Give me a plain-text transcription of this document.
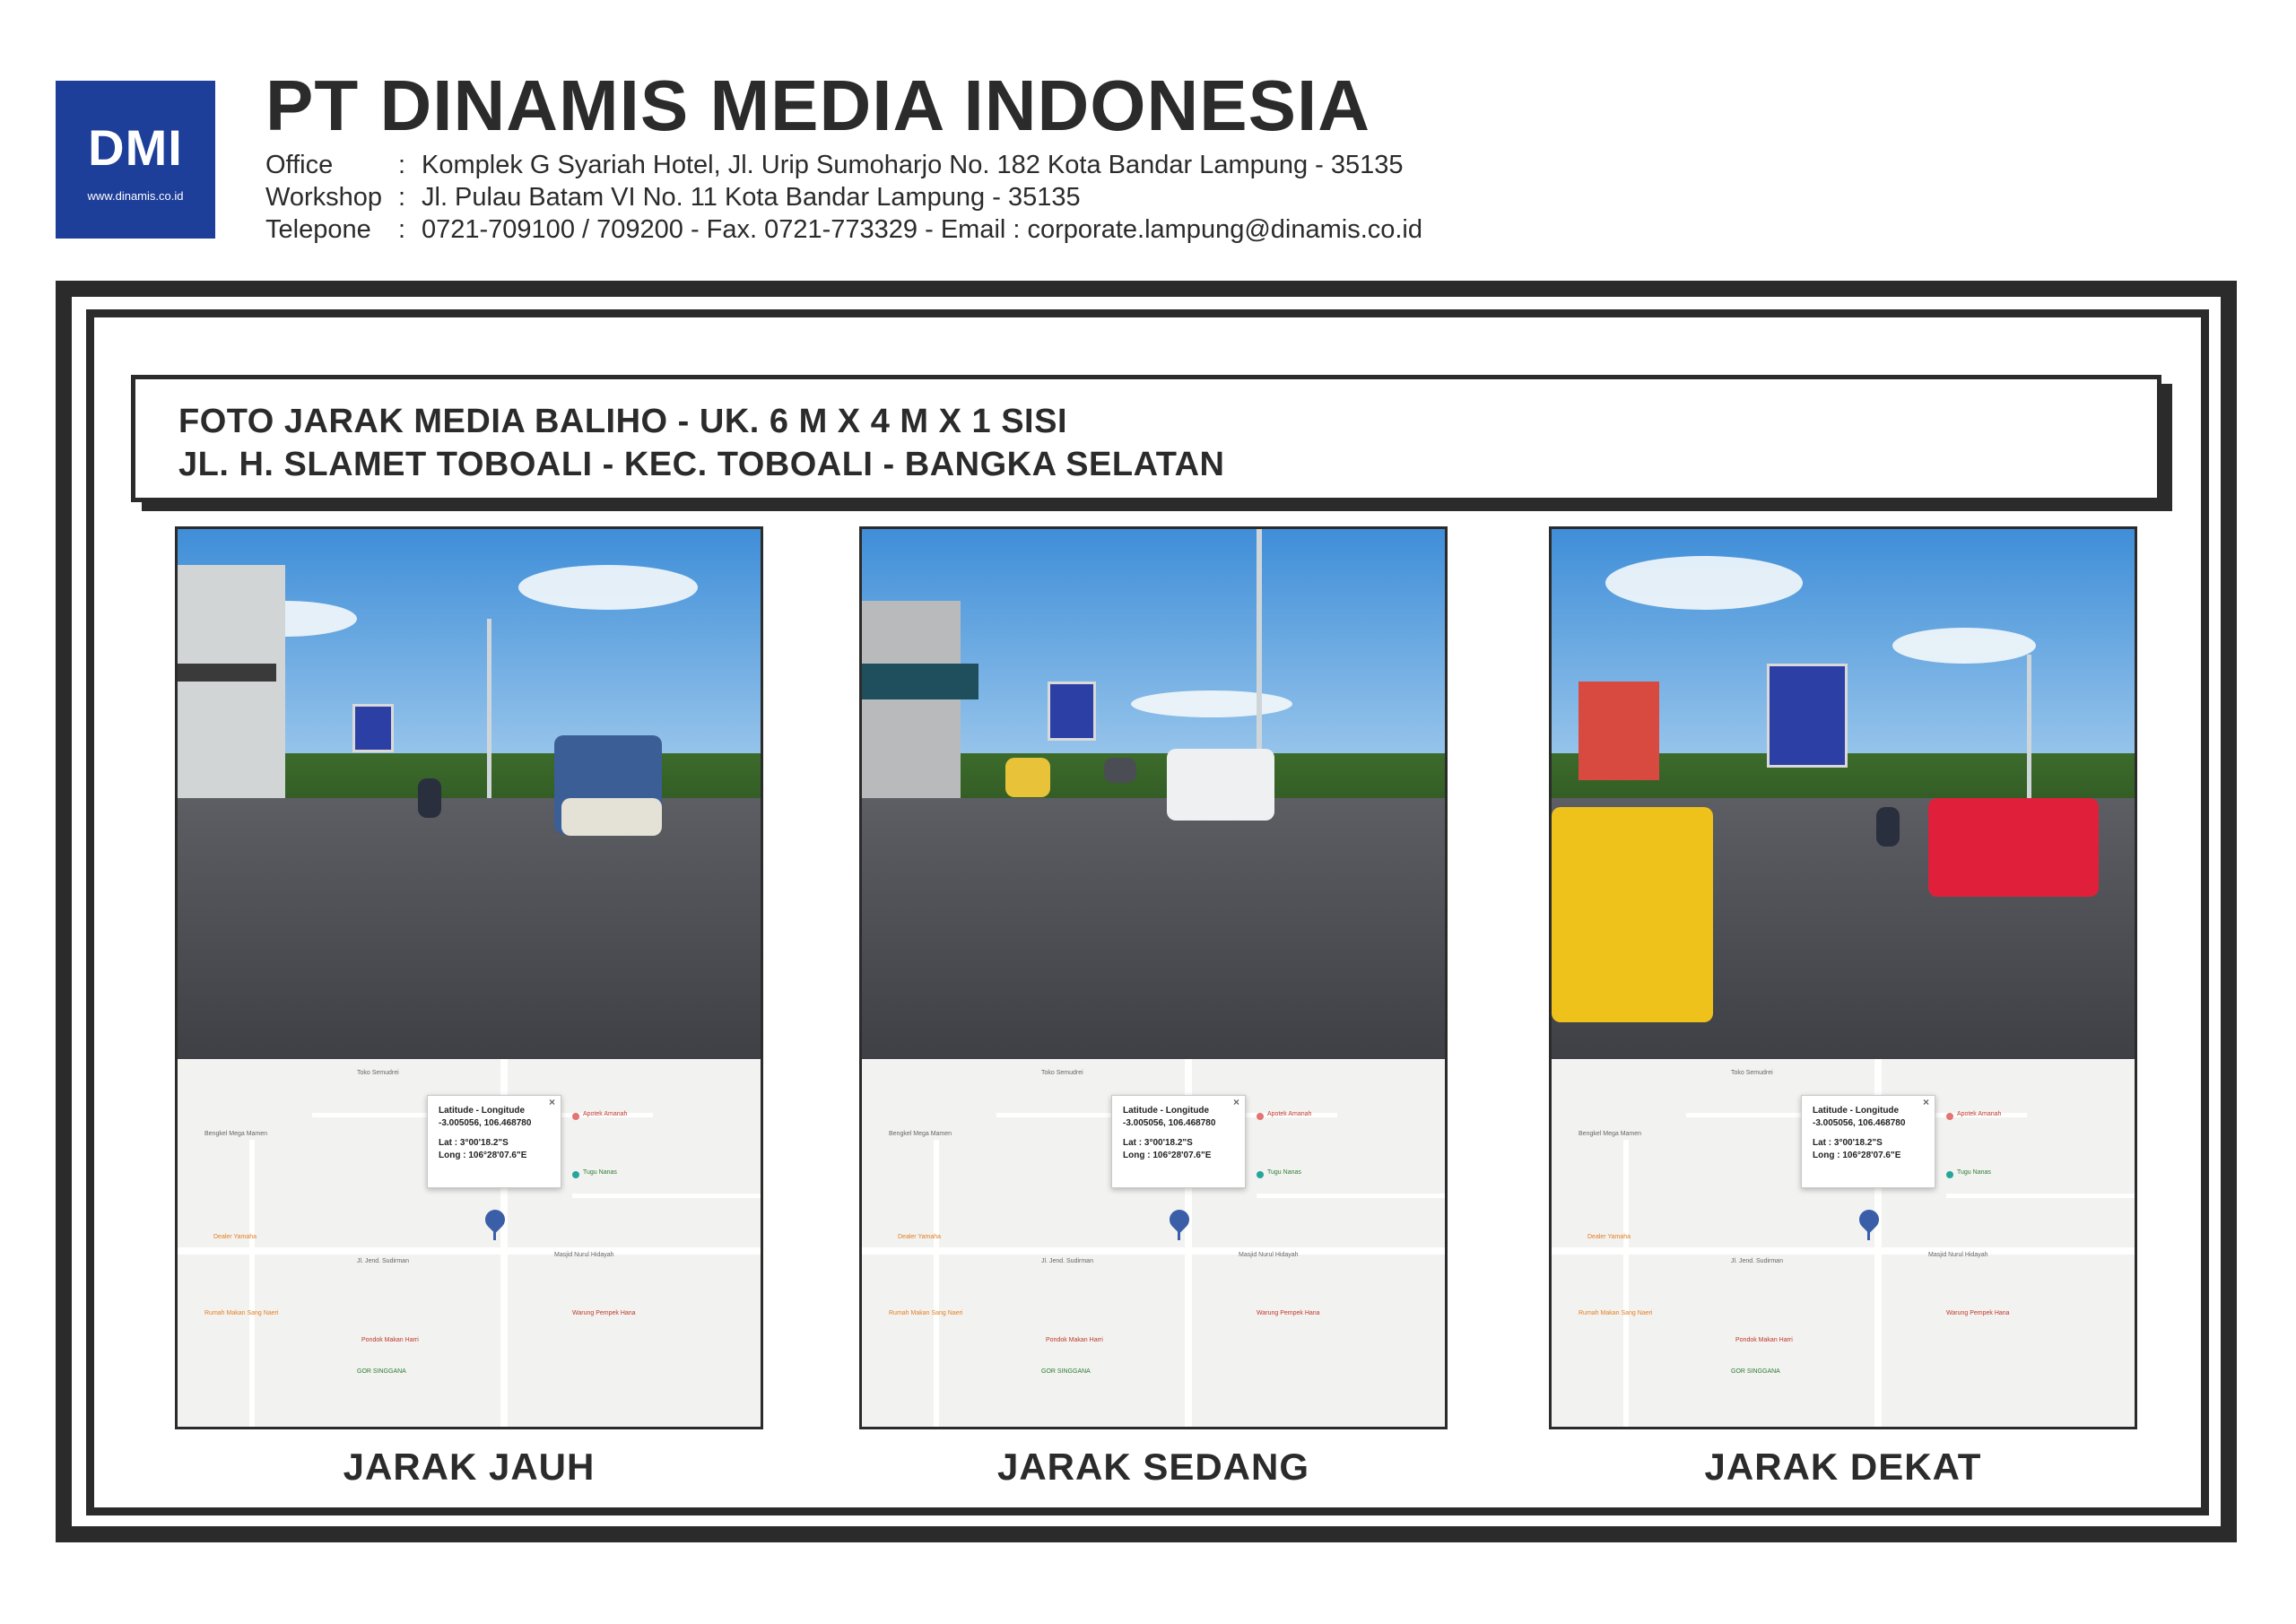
DMI
www.dinamis.co.id
PT DINAMIS MEDIA INDONESIA
Office	: Komplek G Syariah Hotel, Jl. Urip Sumoharjo No. 182 Kota Bandar Lampung - 35135
Workshop : Jl. Pulau Batam VI No. 11 Kota Bandar Lampung - 35135
Telepone	: 0721-709100 / 709200 - Fax. 0721-773329 - Email : corporate.lampung@dinamis.co.id
FOTO JARAK MEDIA BALIHO - UK. 6 M X 4 M X 1 SISI
JL. H. SLAMET TOBOALI - KEC. TOBOALI - BANGKA SELATAN
Jl. Jend. Sudirman
Apotek Amanah
Tugu Nanas
Toko Semudrei
Masjid Nurul Hidayah
Bengkel Mega Mamen
Dealer Yamaha
Rumah Makan Sang Naeri
Pondok Makan Harri
GOR SINGGANA
Warung Pempek Hana
×
Latitude - Longitude
-3.005056, 106.468780
Lat : 3°00'18.2"S
Long : 106°28'07.6"E
Jl. Jend. Sudirman
Apotek Amanah
Tugu Nanas
Toko Semudrei
Masjid Nurul Hidayah
Bengkel Mega Mamen
Dealer Yamaha
Rumah Makan Sang Naeri
Pondok Makan Harri
GOR SINGGANA
Warung Pempek Hana
×
Latitude - Longitude
-3.005056, 106.468780
Lat : 3°00'18.2"S
Long : 106°28'07.6"E
Jl. Jend. Sudirman
Apotek Amanah
Tugu Nanas
Toko Semudrei
Masjid Nurul Hidayah
Bengkel Mega Mamen
Dealer Yamaha
Rumah Makan Sang Naeri
Pondok Makan Harri
GOR SINGGANA
Warung Pempek Hana
×
Latitude - Longitude
-3.005056, 106.468780
Lat : 3°00'18.2"S
Long : 106°28'07.6"E
JARAK JAUH	JARAK SEDANG	JARAK DEKAT
